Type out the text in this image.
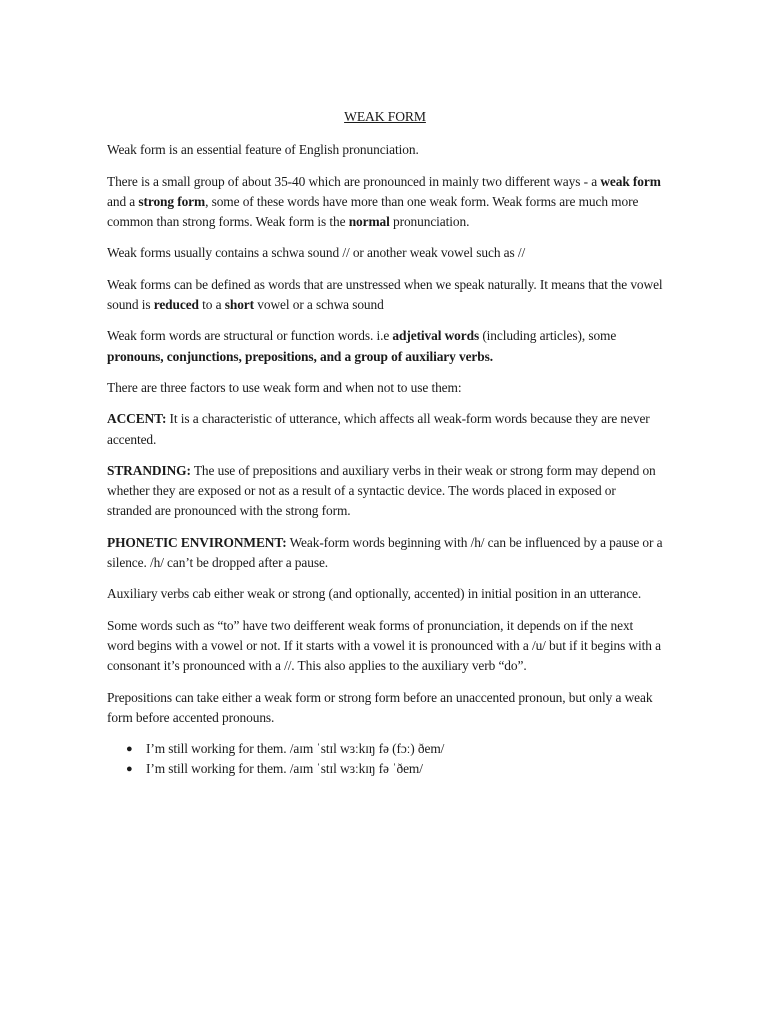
WEAK FORM

Weak form is an essential feature of English pronunciation.

There is a small group of about 35-40 which are pronounced in mainly two different ways - a weak form and a strong form, some of these words have more than one weak form. Weak forms are much more common than strong forms. Weak form is the normal pronunciation.

Weak forms usually contains a schwa sound // or another weak vowel such as //

Weak forms can be defined as words that are unstressed when we speak naturally. It means that the vowel sound is reduced to a short vowel or a schwa sound

Weak form words are structural or function words. i.e adjetival words (including articles), some pronouns, conjunctions, prepositions, and a group of auxiliary verbs.

There are three factors to use weak form and when not to use them:

ACCENT: It is a characteristic of utterance, which affects all weak-form words because they are never accented.

STRANDING: The use of prepositions and auxiliary verbs in their weak or strong form may depend on whether they are exposed or not as a result of a syntactic device. The words placed in exposed or stranded are pronounced with the strong form.

PHONETIC ENVIRONMENT: Weak-form words beginning with /h/ can be influenced by a pause or a silence. /h/ can’t be dropped after a pause.

Auxiliary verbs cab either weak or strong (and optionally, accented) in initial position in an utterance.

Some words such as “to” have two deifferent weak forms of pronunciation, it depends on if the next word begins with a vowel or not. If it starts with a vowel it is pronounced with a /u/ but if it begins with a consonant it’s pronounced with a //. This also applies to the auxiliary verb “do”.

Prepositions can take either a weak form or strong form before an unaccented pronoun, but only a weak form before accented pronouns.

● I’m still working for them. /aɪm ˈstɪl wɜːkɪŋ fə (fɔː) ðem/
● I’m still working for them. /aɪm ˈstɪl wɜːkɪŋ fə ˈðem/
